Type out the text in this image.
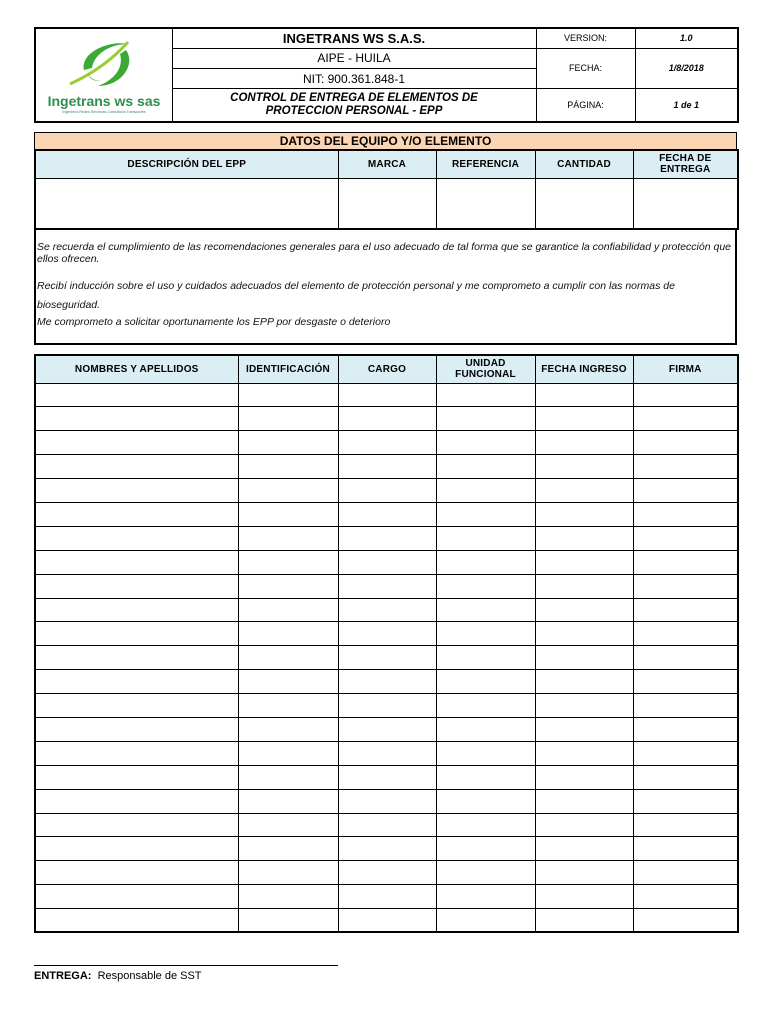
Ingetrans ws sas
Ingeniería Redes Eléctricas Consultoría Transportes	INGETRANS WS S.A.S.	VERSION:	1.0
	AIPE - HUILA	FECHA:	1/8/2018
	NIT: 900.361.848-1		
	CONTROL DE ENTREGA DE ELEMENTOS DE PROTECCION PERSONAL - EPP	PÁGINA:	1 de 1
DATOS DEL EQUIPO Y/O ELEMENTO
DESCRIPCIÓN DEL EPP	MARCA	REFERENCIA	CANTIDAD	FECHA DE ENTREGA

Se recuerda el cumplimiento de las recomendaciones generales para el uso adecuado de tal forma que se garantice la confiabilidad y protección que ellos ofrecen.
Recibí inducción sobre el uso y cuidados adecuados del elemento de protección personal y me comprometo a cumplir con las normas de bioseguridad.
Me comprometo a solicitar oportunamente los EPP por desgaste o deterioro
NOMBRES Y APELLIDOS	IDENTIFICACIÓN	CARGO	UNIDAD FUNCIONAL	FECHA INGRESO	FIRMA

ENTREGA: Responsable de SST
